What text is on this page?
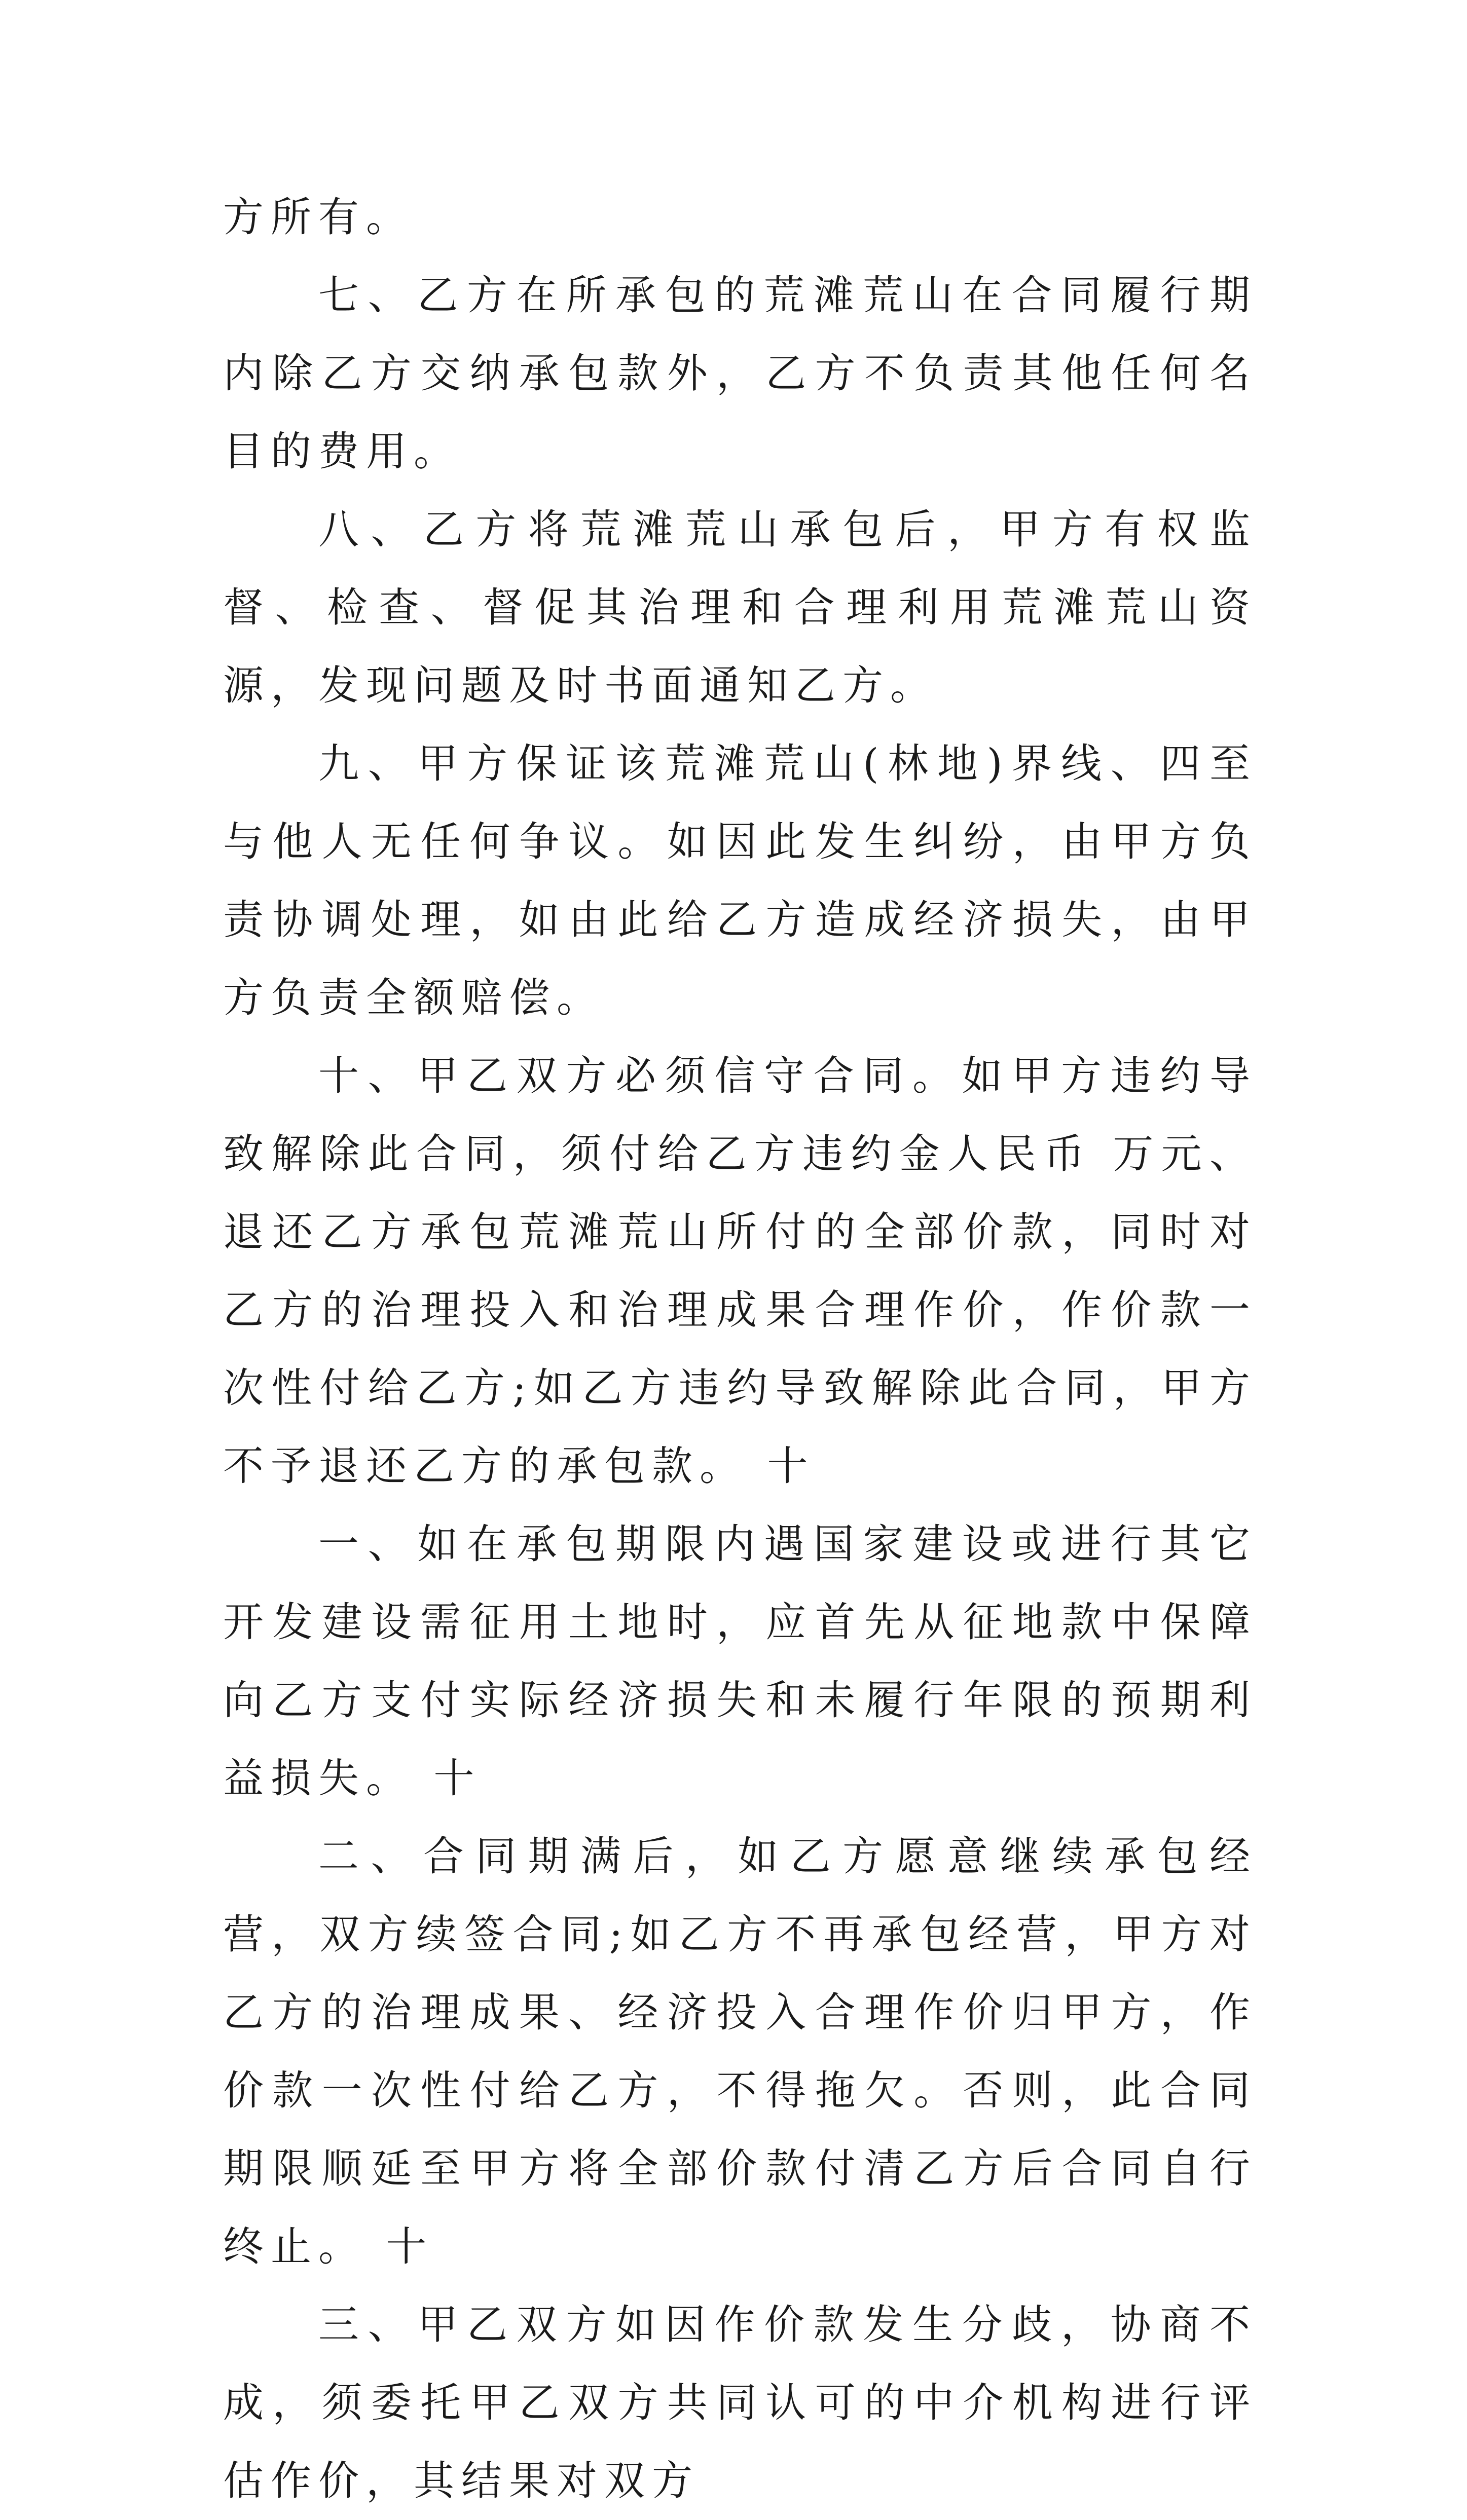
方所有。

七、乙方在所承包的荒滩荒山在合同履行期内除乙方交纳承包款外，乙方不负责其他任何名目的费用。

八、乙方将荒滩荒山承包后，甲方有权监督、检查、督促其治理和合理利用荒滩荒山资源，发现问题及时书面通知乙方。

九、甲方保证该荒滩荒山(林地)界线、四至与他人无任何争议。如因此发生纠纷，由甲方负责协调处理，如由此给乙方造成经济损失，由甲方负责全额赔偿。

十、甲乙双方必须信守合同。如甲方违约导致解除此合同，须付给乙方违约金人民币 万元、退还乙方承包荒滩荒山所付的全部价款，同时对乙方的治理投入和治理成果合理作价，作价款一次性付给乙方;如乙方违约导致解除此合同，甲方不予退还乙方的承包款。 十

一、如在承包期限内遇国家建设或进行其它开发建设需征用土地时，应首先从征地款中保障向乙方支付实际经济损失和未履行年限的预期利益损失。 十

二、合同期满后，如乙方愿意继续承包经营，双方续签合同;如乙方不再承包经营，甲方对乙方的治理成果、经济投入合理作价归甲方，作价款一次性付给乙方，不得拖欠。否则，此合同期限顺延至甲方将全部价款付清乙方后合同自行终止。 十

三、甲乙双方如因作价款发生分歧，协商不成，须委托甲乙双方共同认可的中介机构进行评估作价，其结果对双方
